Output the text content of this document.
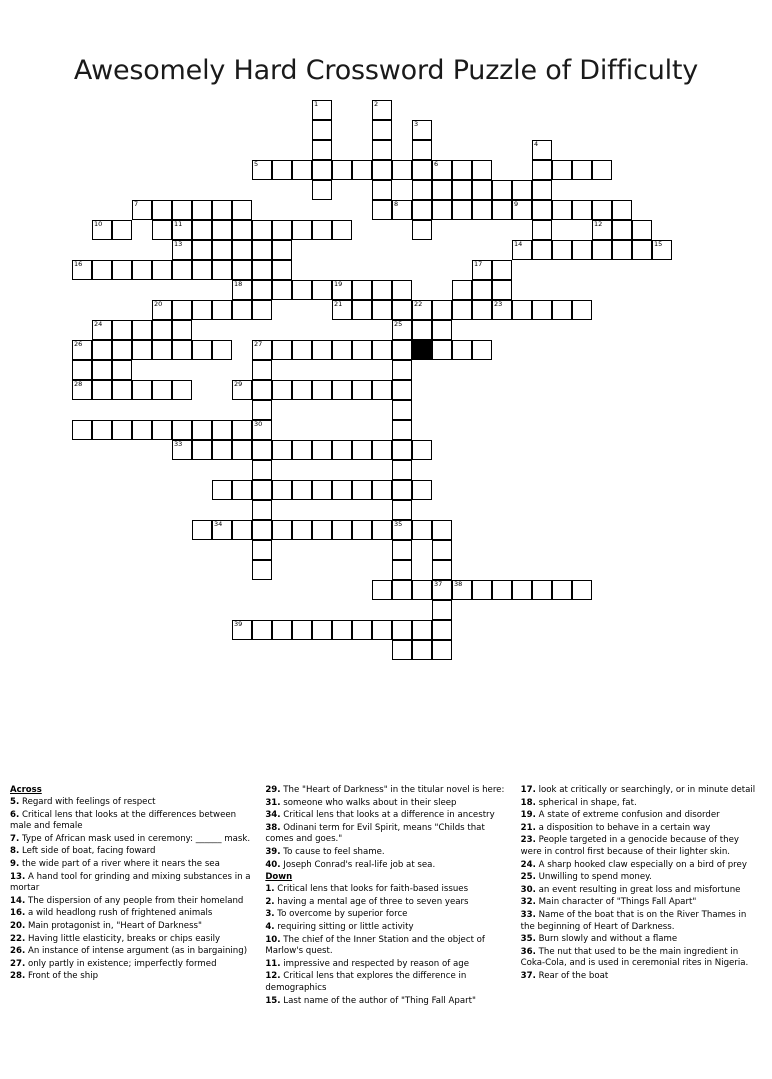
Awesomely Hard Crossword Puzzle of Difficulty
1	2
3
4
5	6
7	8	9
10	11	12
13	14	15
16	17
18	19
20	21	22	23
24	25
26	27
28	29
30
33
34	35
37 38
39
Across

5. Regard with feelings of respect

6. Critical lens that looks at the differences between male and female

7. Type of African mask used in ceremony: ______ mask.

8. Left side of boat, facing foward

9. the wide part of a river where it nears the sea

13. A hand tool for grinding and mixing substances in a mortar

14. The dispersion of any people from their homeland

16. a wild headlong rush of frightened animals

20. Main protagonist in, "Heart of Darkness"

22. Having little elasticity, breaks or chips easily

26. An instance of intense argument (as in bargaining)

27. only partly in existence; imperfectly formed

28. Front of the ship

29. The "Heart of Darkness" in the titular novel is here:

31. someone who walks about in their sleep

34. Critical lens that looks at a difference in ancestry

38. Odinani term for Evil Spirit, means "Childs that comes and goes."

39. To cause to feel shame.

40. Joseph Conrad's real-life job at sea.

Down

1. Critical lens that looks for faith-based issues

2. having a mental age of three to seven years

3. To overcome by superior force

4. requiring sitting or little activity

10. The chief of the Inner Station and the object of Marlow's quest.

11. impressive and respected by reason of age

12. Critical lens that explores the difference in demographics

15. Last name of the author of "Thing Fall Apart"

17. look at critically or searchingly, or in minute detail

18. spherical in shape, fat.

19. A state of extreme confusion and disorder

21. a disposition to behave in a certain way

23. People targeted in a genocide because of they were in control first because of their lighter skin.

24. A sharp hooked claw especially on a bird of prey

25. Unwilling to spend money.

30. an event resulting in great loss and misfortune

32. Main character of "Things Fall Apart"

33. Name of the boat that is on the River Thames in the beginning of Heart of Darkness.

35. Burn slowly and without a flame

36. The nut that used to be the main ingredient in Coka-Cola, and is used in ceremonial rites in Nigeria.

37. Rear of the boat
